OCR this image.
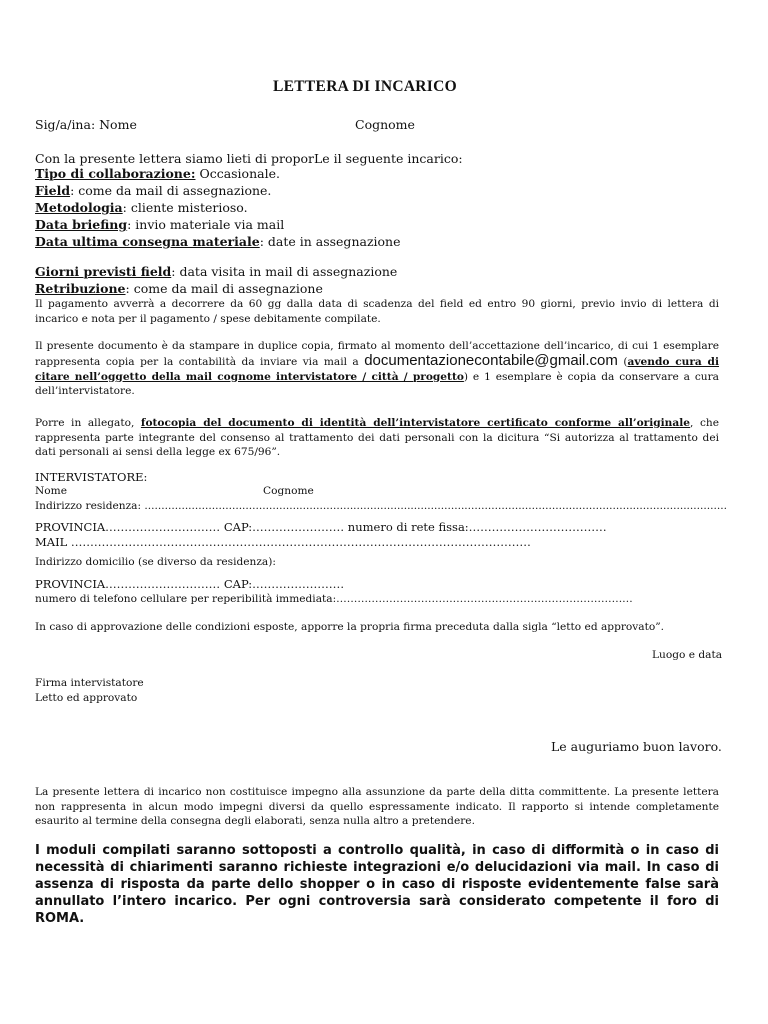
LETTERA DI INCARICO
Sig/a/ina: Nome	Cognome
Con la presente lettera siamo lieti di proporLe il seguente incarico:
Tipo di collaborazione: Occasionale.
Field: come da mail di assegnazione.
Metodologia: cliente misterioso.
Data briefing: invio materiale via mail
Data ultima consegna materiale: date in assegnazione
Giorni previsti field: data visita in mail di assegnazione
Retribuzione: come da mail di assegnazione
Il pagamento avverrà a decorrere da 60 gg dalla data di scadenza del field ed entro 90 giorni, previo invio di lettera di incarico e nota per il pagamento / spese debitamente compilate.
Il presente documento è da stampare in duplice copia, firmato al momento dell’accettazione dell’incarico, di cui 1 esemplare rappresenta copia per la contabilità da inviare via mail a documentazionecontabile@gmail.com (avendo cura di citare nell’oggetto della mail cognome intervistatore / città / progetto) e 1 esemplare è copia da conservare a cura dell’intervistatore.
Porre in allegato, fotocopia del documento di identità dell’intervistatore certificato conforme all’originale, che rappresenta parte integrante del consenso al trattamento dei dati personali con la dicitura “Si autorizza al trattamento dei dati personali ai sensi della legge ex 675/96”.
INTERVISTATORE:
Nome	Cognome
Indirizzo residenza: .............................................................................................................................................................................
PROVINCIA………………………… CAP:…………………… numero di rete fissa:………………………………
MAIL …………………………………………………………………………………………………………
Indirizzo domicilio (se diverso da residenza):
PROVINCIA………………………… CAP:……………………
numero di telefono cellulare per reperibilità immediata:…………………………………………………………………………
In caso di approvazione delle condizioni esposte, apporre la propria firma preceduta dalla sigla “letto ed approvato”.
Luogo e data
Firma intervistatore
Letto ed approvato
Le auguriamo buon lavoro.
La presente lettera di incarico non costituisce impegno alla assunzione da parte della ditta committente. La presente lettera non rappresenta in alcun modo impegni diversi da quello espressamente indicato. Il rapporto si intende completamente esaurito al termine della consegna degli elaborati, senza nulla altro a pretendere.
I moduli compilati saranno sottoposti a controllo qualità, in caso di difformità o in caso di necessità di chiarimenti saranno richieste integrazioni e/o delucidazioni via mail. In caso di assenza di risposta da parte dello shopper o in caso di risposte evidentemente false sarà annullato l’intero incarico. Per ogni controversia sarà considerato competente il foro di ROMA.
